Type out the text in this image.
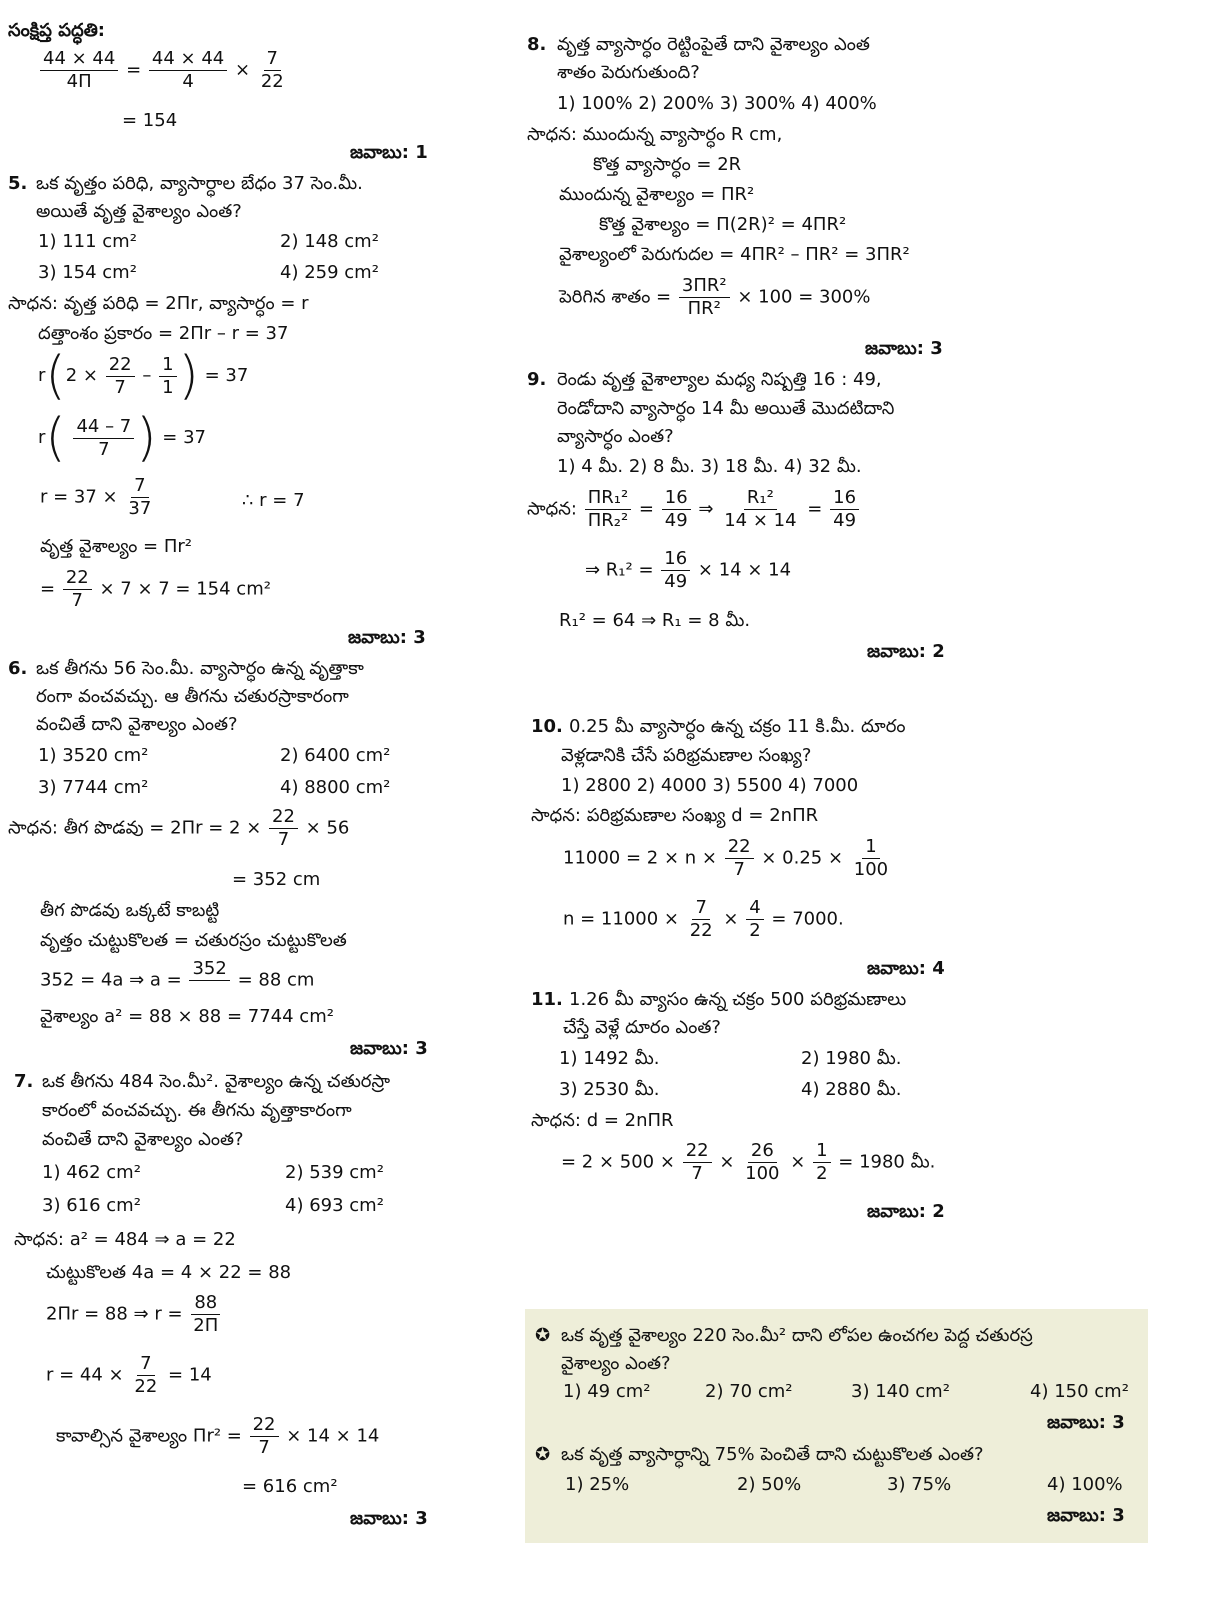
సంక్షిప్త పద్ధతి:
$\frac{44 \times 44}{4\Pi} = \frac{44 \times 44}{4} \times \frac{7}{22}$
= 154
జవాబు: 1
5. ఒక వృత్తం పరిధి, వ్యాసార్ధాల బేధం 37 సెం.మీ.
అయితే వృత్త వైశాల్యం ఎంత?
1) 111 cm²	2) 148 cm²
3) 154 cm²	4) 259 cm²
సాధన: వృత్త పరిధి = 2Πr, వ్యాసార్ధం = r
దత్తాంశం ప్రకారం = 2Πr – r = 37
$r(2 \times \frac{22}{7} - \frac{1}{1}$ ) = 37
$r( \frac{44 - 7}{7}$ ) = 37
$r = 37 \times \frac{7}{37}$	∴ r = 7
వృత్త వైశాల్యం = Πr²
= $\frac{22}{7} \times 7 \times 7 = 154$ cm²
జవాబు: 3
6. ఒక తీగను 56 సెం.మీ. వ్యాసార్ధం ఉన్న వృత్తాకా
రంగా వంచవచ్చు. ఆ తీగను చతురస్రాకారంగా
వంచితే దాని వైశాల్యం ఎంత?
1) 3520 cm²	2) 6400 cm²
3) 7744 cm²	4) 8800 cm²
సాధన: తీగ పొడవు = $2\Pi r = 2 \times \frac{22}{7} \times 56$
= 352 cm
తీగ పొడవు ఒక్కటే కాబట్టి
వృత్తం చుట్టుకొలత = చతురస్రం చుట్టుకొలత
352 = 4a ⇒ $a = \frac{352}{4} = 88$ cm
వైశాల్యం a² = 88 × 88 = 7744 cm²
జవాబు: 3
7. ఒక తీగను 484 సెం.మీ². వైశాల్యం ఉన్న చతురస్రా
కారంలో వంచవచ్చు. ఈ తీగను వృత్తాకారంగా
వంచితే దాని వైశాల్యం ఎంత?
1) 462 cm²	2) 539 cm²
3) 616 cm²	4) 693 cm²
సాధన: a² = 484 ⇒ a = 22
చుట్టుకొలత 4a = 4 × 22 = 88
2Πr = 88 ⇒ $r = \frac{88}{2\Pi}$
$r = 44 \times \frac{7}{22} = 14$
కావాల్సిన వైశాల్యం $\Pi r^2 = \frac{22}{7} \times 14 \times 14$
= 616 cm²
జవాబు: 3
8. వృత్త వ్యాసార్ధం రెట్టింపైతే దాని వైశాల్యం ఎంత
శాతం పెరుగుతుంది?
1) 100% 2) 200% 3) 300% 4) 400%
సాధన: ముందున్న వ్యాసార్ధం R cm,
కొత్త వ్యాసార్ధం = 2R
ముందున్న వైశాల్యం = ΠR²
కొత్త వైశాల్యం = Π(2R)² = 4ΠR²
వైశాల్యంలో పెరుగుదల = 4ΠR² – ΠR² = 3ΠR²
పెరిగిన శాతం = $\frac{\text{3ΠR²}}{\text{ΠR²}} \times 100 = 300\%$
జవాబు: 3
9. రెండు వృత్త వైశాల్యాల మధ్య నిష్పత్తి 16 : 49,
రెండోదాని వ్యాసార్ధం 14 మీ అయితే మొదటిదాని
వ్యాసార్ధం ఎంత?
1) 4 మీ. 2) 8 మీ. 3) 18 మీ. 4) 32 మీ.
సాధన: $\frac{\text{ΠR₁²}}{\text{ΠR₂²}} = \frac{16}{49}$ ⇒ $\frac{\text{R₁²}}{14 \times 14} = \frac{16}{49}$
⇒ $R_1^2 = \frac{16}{49} \times 14 \times 14$
R₁² = 64 ⇒ R₁ = 8 మీ.
జవాబు: 2
10. 0.25 మీ వ్యాసార్ధం ఉన్న చక్రం 11 కి.మీ. దూరం
వెళ్లడానికి చేసే పరిభ్రమణాల సంఖ్య?
1) 2800 2) 4000 3) 5500 4) 7000
సాధన: పరిభ్రమణాల సంఖ్య d = 2nΠR
$11000 = 2 \times n \times \frac{22}{7} \times 0.25 \times \frac{1}{100}$
$n = 11000 \times \frac{7}{22} \times \frac{4}{2} = 7000$.
జవాబు: 4
11. 1.26 మీ వ్యాసం ఉన్న చక్రం 500 పరిభ్రమణాలు
చేస్తే వెళ్లే దూరం ఎంత?
1) 1492 మీ.	2) 1980 మీ.
3) 2530 మీ.	4) 2880 మీ.
సాధన: d = 2nΠR
= $2 \times 500 \times \frac{22}{7} \times \frac{26}{100} \times \frac{1}{2} = 1980$ మీ.
జవాబు: 2
✪ ఒక వృత్త వైశాల్యం 220 సెం.మీ² దాని లోపల ఉంచగల పెద్ద చతురస్ర
వైశాల్యం ఎంత?
1) 49 cm²	2) 70 cm²	3) 140 cm²	4) 150 cm²
జవాబు: 3
✪ ఒక వృత్త వ్యాసార్ధాన్ని 75% పెంచితే దాని చుట్టుకొలత ఎంత?
1) 25%	2) 50%	3) 75%	4) 100%
జవాబు: 3
